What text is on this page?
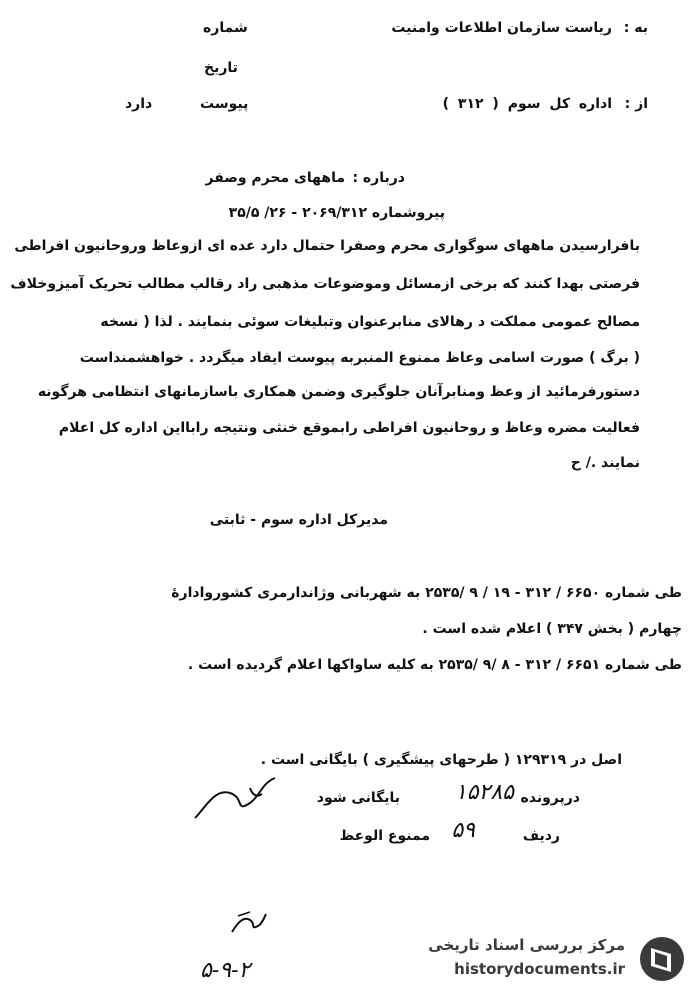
به :
ریاست سازمان اطلاعات وامنیت
شماره
تاریخ
از :
اداره کل سوم ( ۳۱۲ )
پیوست
دارد
درباره :
ماههای محرم وصفر
پیروشماره ۲۰۶۹/۳۱۲ - ۲۶/ ۳۵/۵
بافرارسیدن ماههای سوگواری محرم وصفرا حتمال دارد عده ای ازوعاظ وروحانیون افراطی
فرصتی بهدا کنند که برخی ازمسائل وموضوعات مذهبی راد رقالب مطالب تحریک آمیزوخلاف
مصالح عمومی مملکت د رهالای منابرعنوان وتبلیغات سوئی بنمایند . لذا ( نسخه
( برگ ) صورت اسامی وعاظ ممنوع المنبربه پیوست ایفاد میگردد . خواهشمنداست
دستورفرمائید از وعظ ومنابرآنان جلوگیری وضمن همکاری باسازمانهای انتظامی هرگونه
فعالیت مضره وعاظ و روحانیون افراطی رابموقع خنثی ونتیجه رابااین اداره کل اعلام
نمایند ./ ح
مدیرکل اداره سوم - ثابتی
طی شماره ۶۶۵۰ / ۳۱۲ - ۱۹ / ۹ /۲۵۳۵ به شهربانی وژاندارمری کشوروادارهٔ
چهارم ( بخش ۳۴۷ ) اعلام شده است .
طی شماره ۶۶۵۱ / ۳۱۲ - ۸ /۹ /۲۵۳۵ به کلیه ساواکها اعلام گردیده است .
اصل در ۱۲۹۳۱۹ ( طرحهای پیشگیری ) بایگانی است .
درپرونده
۱۵۲۸۵
بایگانی شود
ردیف
۵۹
ممنوع الوعظ
۵-۹-۲
مرکز بررسی اسناد تاریخی
historydocuments.ir
